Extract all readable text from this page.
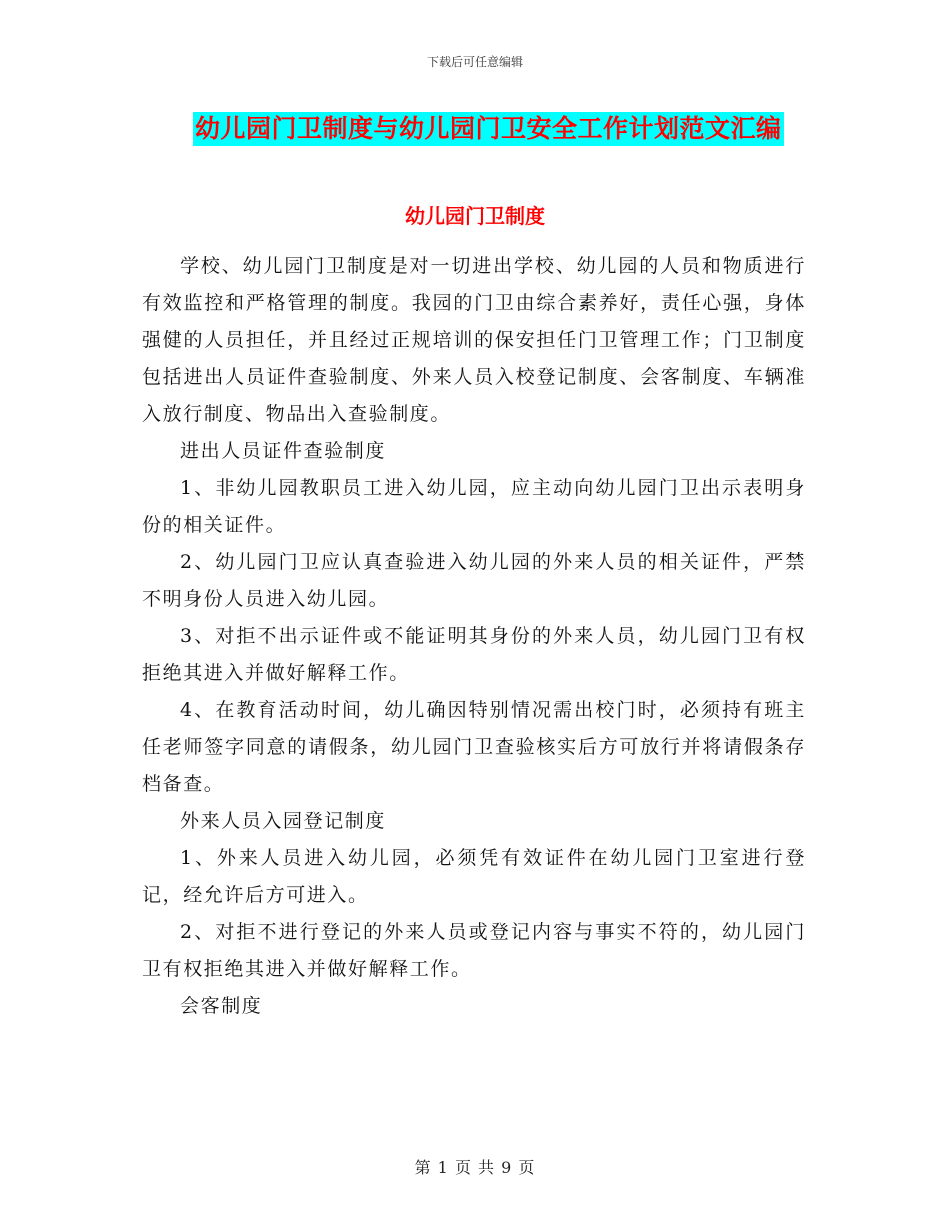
下载后可任意编辑
幼儿园门卫制度与幼儿园门卫安全工作计划范文汇编
幼儿园门卫制度

学校、幼儿园门卫制度是对一切进出学校、幼儿园的人员和物质进行有效监控和严格管理的制度。我园的门卫由综合素养好，责任心强，身体强健的人员担任，并且经过正规培训的保安担任门卫管理工作；门卫制度包括进出人员证件查验制度、外来人员入校登记制度、会客制度、车辆准入放行制度、物品出入查验制度。

进出人员证件查验制度

1、非幼儿园教职员工进入幼儿园，应主动向幼儿园门卫出示表明身份的相关证件。

2、幼儿园门卫应认真查验进入幼儿园的外来人员的相关证件，严禁不明身份人员进入幼儿园。

3、对拒不出示证件或不能证明其身份的外来人员，幼儿园门卫有权拒绝其进入并做好解释工作。

4、在教育活动时间，幼儿确因特别情况需出校门时，必须持有班主任老师签字同意的请假条，幼儿园门卫查验核实后方可放行并将请假条存档备查。

外来人员入园登记制度

1、外来人员进入幼儿园，必须凭有效证件在幼儿园门卫室进行登记，经允许后方可进入。

2、对拒不进行登记的外来人员或登记内容与事实不符的，幼儿园门卫有权拒绝其进入并做好解释工作。

会客制度

第 1 页 共 9 页
